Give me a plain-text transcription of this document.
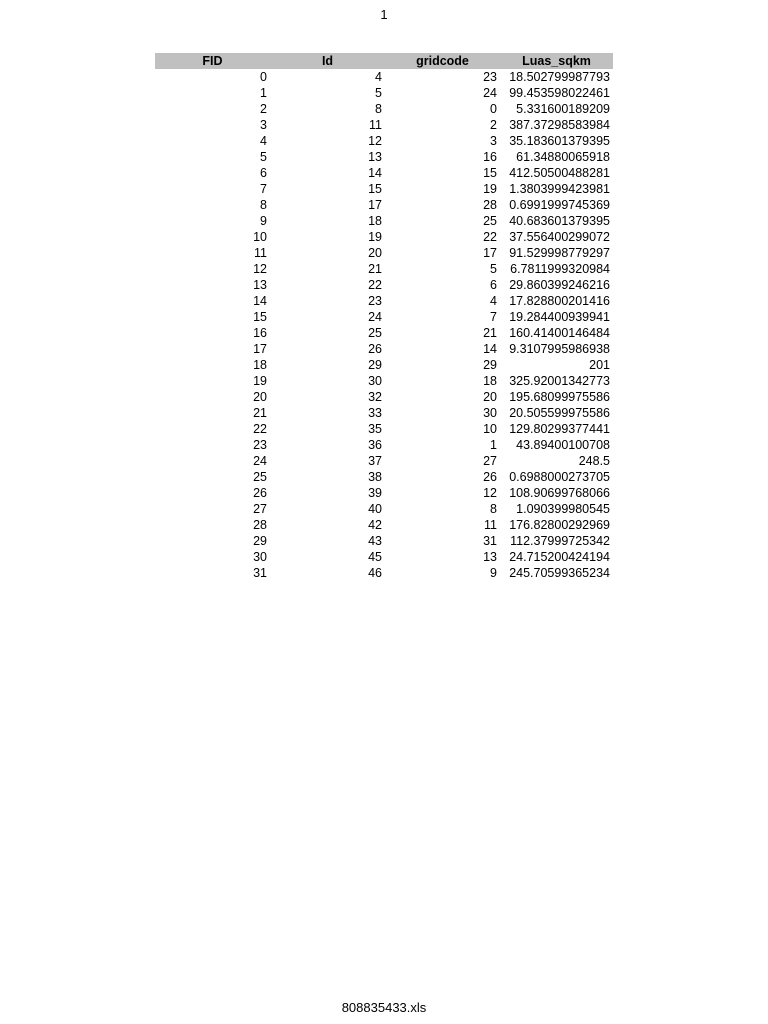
1
FID	Id	gridcode	Luas_sqkm
0	4	23	18.502799987793
1	5	24	99.453598022461
2	8	0	5.331600189209
3	11	2	387.37298583984
4	12	3	35.183601379395
5	13	16	61.34880065918
6	14	15	412.50500488281
7	15	19	1.3803999423981
8	17	28	0.6991999745369
9	18	25	40.683601379395
10	19	22	37.556400299072
11	20	17	91.529998779297
12	21	5	6.7811999320984
13	22	6	29.860399246216
14	23	4	17.828800201416
15	24	7	19.284400939941
16	25	21	160.41400146484
17	26	14	9.3107995986938
18	29	29	201
19	30	18	325.92001342773
20	32	20	195.68099975586
21	33	30	20.505599975586
22	35	10	129.80299377441
23	36	1	43.89400100708
24	37	27	248.5
25	38	26	0.6988000273705
26	39	12	108.90699768066
27	40	8	1.090399980545
28	42	11	176.82800292969
29	43	31	112.37999725342
30	45	13	24.715200424194
31	46	9	245.70599365234
808835433.xls
